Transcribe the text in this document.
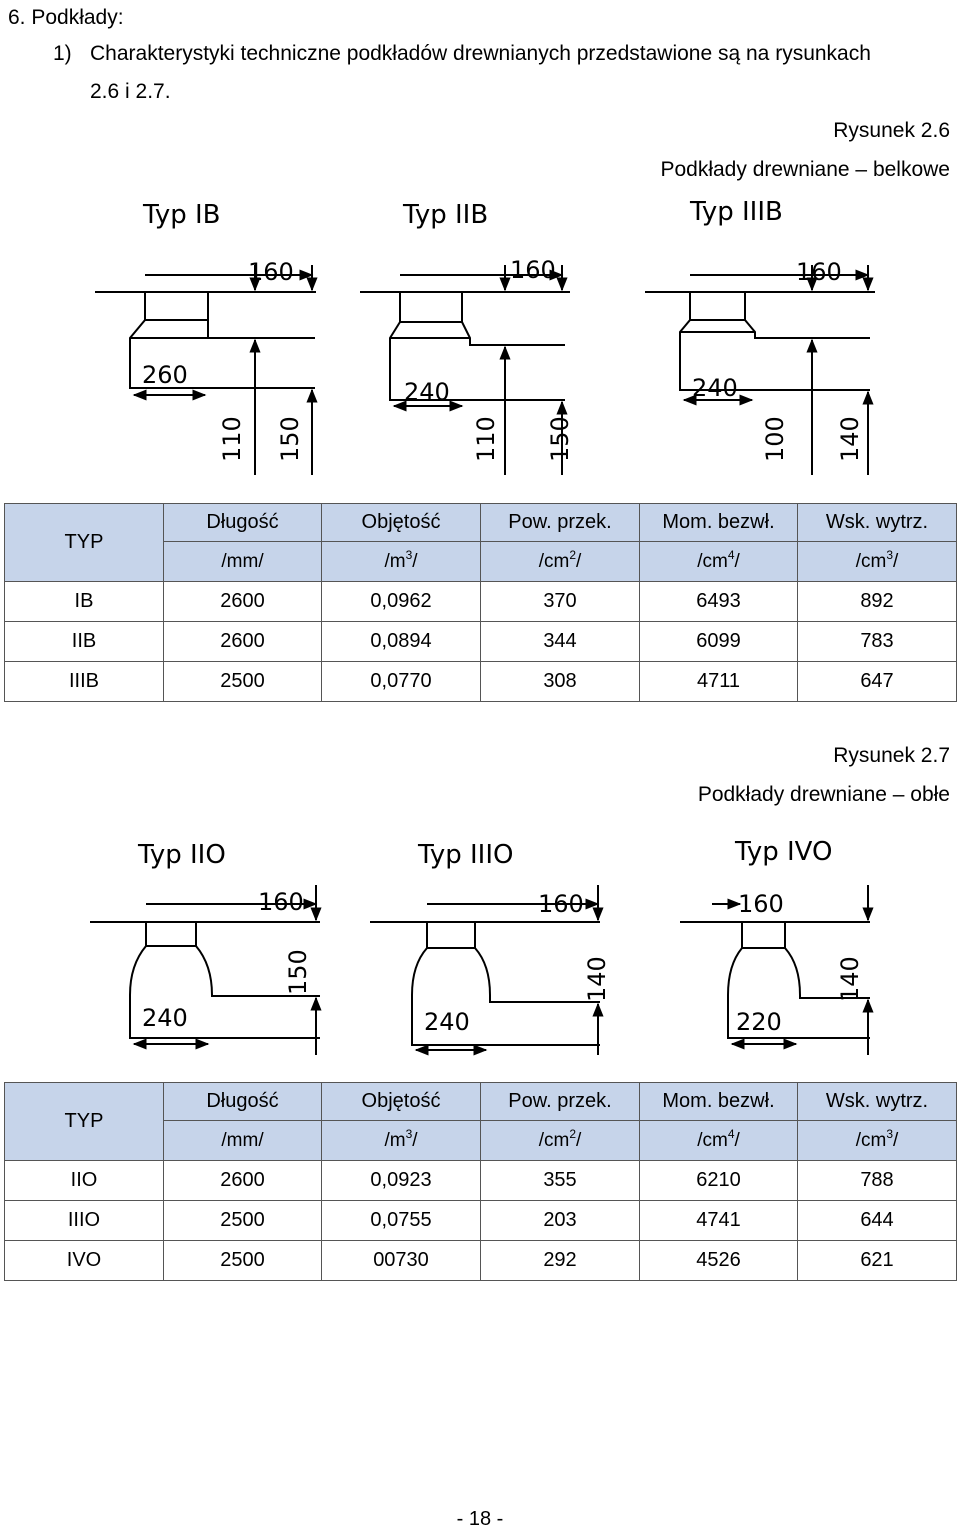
6. Podkłady:
1) Charakterystyki techniczne podkładów drewnianych przedstawione są na rysunkach
2.6 i 2.7.
Rysunek 2.6
Podkłady drewniane – belkowe
Typ IB
160
260
110 150
Typ IIB
160
240
110 150
Typ IIIB
160
240
100 140
TYP	Długość	Objętość	Pow. przek.	Mom. bezwł.	Wsk. wytrz.
	/mm/	$/m^3/$	$/cm^2/$	$/cm^4/$	$/cm^3/$
IB	2600	0,0962	370	6493	892
IIB	2600	0,0894	344	6099	783
IIIB	2500	0,0770	308	4711	647
Rysunek 2.7
Podkłady drewniane – obłe
Typ IIO
160
240
150
Typ IIIO
160
240
140
Typ IVO
160
220
140
TYP	Długość	Objętość	Pow. przek.	Mom. bezwł.	Wsk. wytrz.
	/mm/	$/m^3/$	$/cm^2/$	$/cm^4/$	$/cm^3/$
IIO	2600	0,0923	355	6210	788
IIIO	2500	0,0755	203	4741	644
IVO	2500	00730	292	4526	621
- 18 -
